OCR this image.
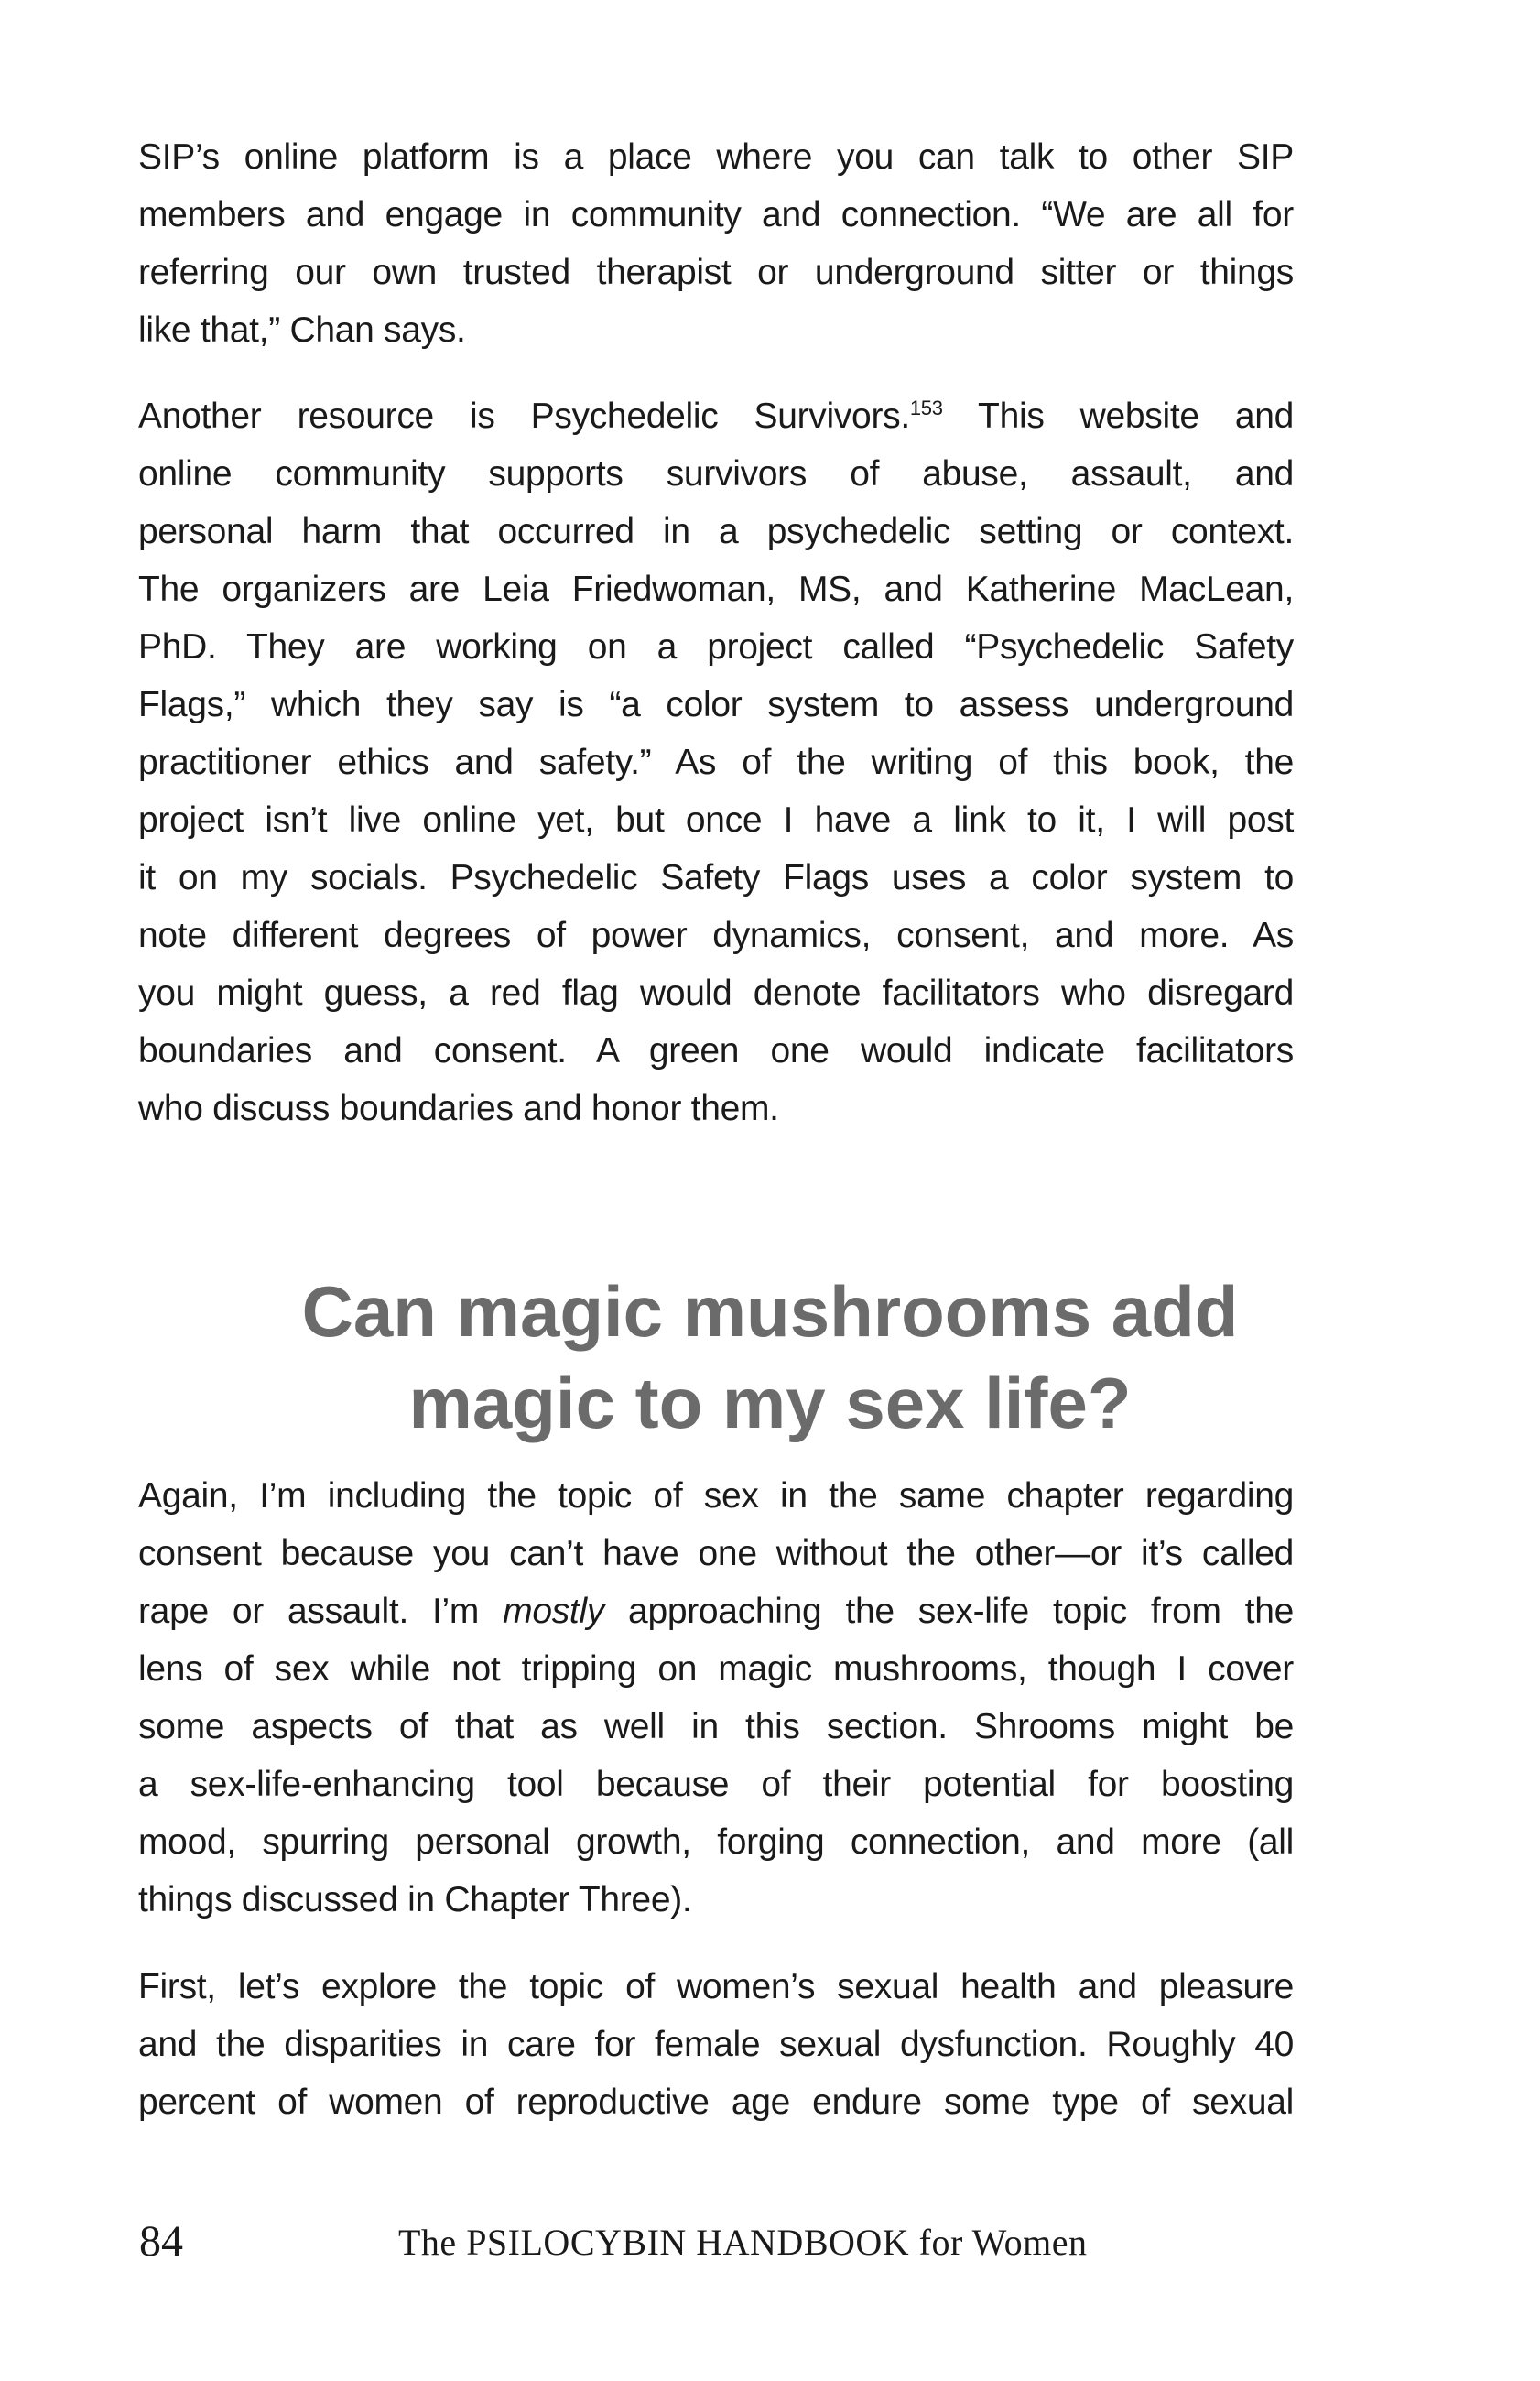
SIP’s online platform is a place where you can talk to other SIP
members and engage in community and connection. “We are all for
referring our own trusted therapist or underground sitter or things
like that,” Chan says.
Another resource is Psychedelic Survivors.$^{153}$ This website and
online community supports survivors of abuse, assault, and
personal harm that occurred in a psychedelic setting or context.
The organizers are Leia Friedwoman, MS, and Katherine MacLean,
PhD. They are working on a project called “Psychedelic Safety
Flags,” which they say is “a color system to assess underground
practitioner ethics and safety.” As of the writing of this book, the
project isn’t live online yet, but once I have a link to it, I will post
it on my socials. Psychedelic Safety Flags uses a color system to
note different degrees of power dynamics, consent, and more. As
you might guess, a red flag would denote facilitators who disregard
boundaries and consent. A green one would indicate facilitators
who discuss boundaries and honor them.
Can magic mushrooms add
magic to my sex life?
Again, I’m including the topic of sex in the same chapter regarding
consent because you can’t have one without the other—or it’s called
rape or assault. I’m mostly approaching the sex-life topic from the
lens of sex while not tripping on magic mushrooms, though I cover
some aspects of that as well in this section. Shrooms might be
a sex-life-enhancing tool because of their potential for boosting
mood, spurring personal growth, forging connection, and more (all
things discussed in Chapter Three).
First, let’s explore the topic of women’s sexual health and pleasure
and the disparities in care for female sexual dysfunction. Roughly 40
percent of women of reproductive age endure some type of sexual
84	The PSILOCYBIN HANDBOOK for Women
